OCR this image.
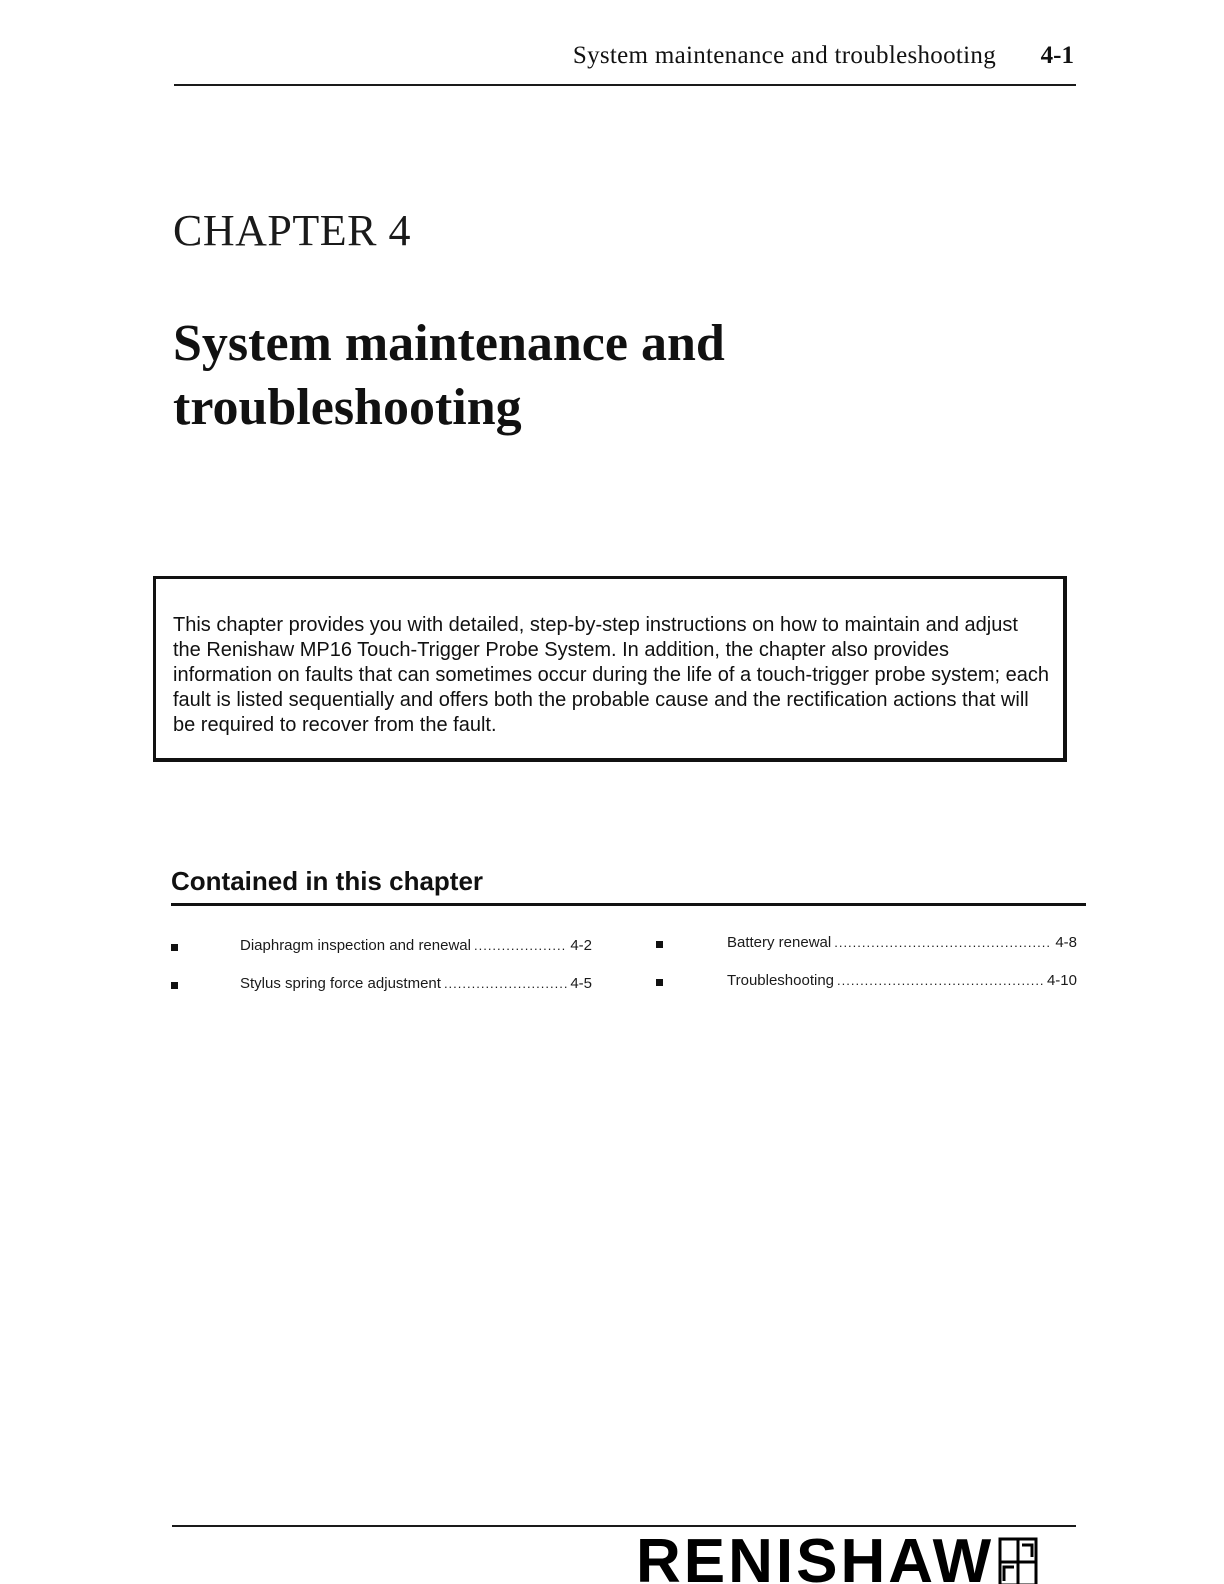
System maintenance and troubleshooting 4-1
CHAPTER 4
System maintenance and
troubleshooting

This chapter provides you with detailed, step-by-step instructions on how to maintain and adjust the Renishaw MP16 Touch-Trigger Probe System. In addition, the chapter also provides information on faults that can sometimes occur during the life of a touch-trigger probe system; each fault is listed sequentially and offers both the probable cause and the rectification actions that will be required to recover from the fault.

Contained in this chapter
Diaphragm inspection and renewal .....	4-2
Stylus spring force adjustment .....	4-5
Battery renewal .....	4-8
Troubleshooting .....	4-10
RENISHAW
